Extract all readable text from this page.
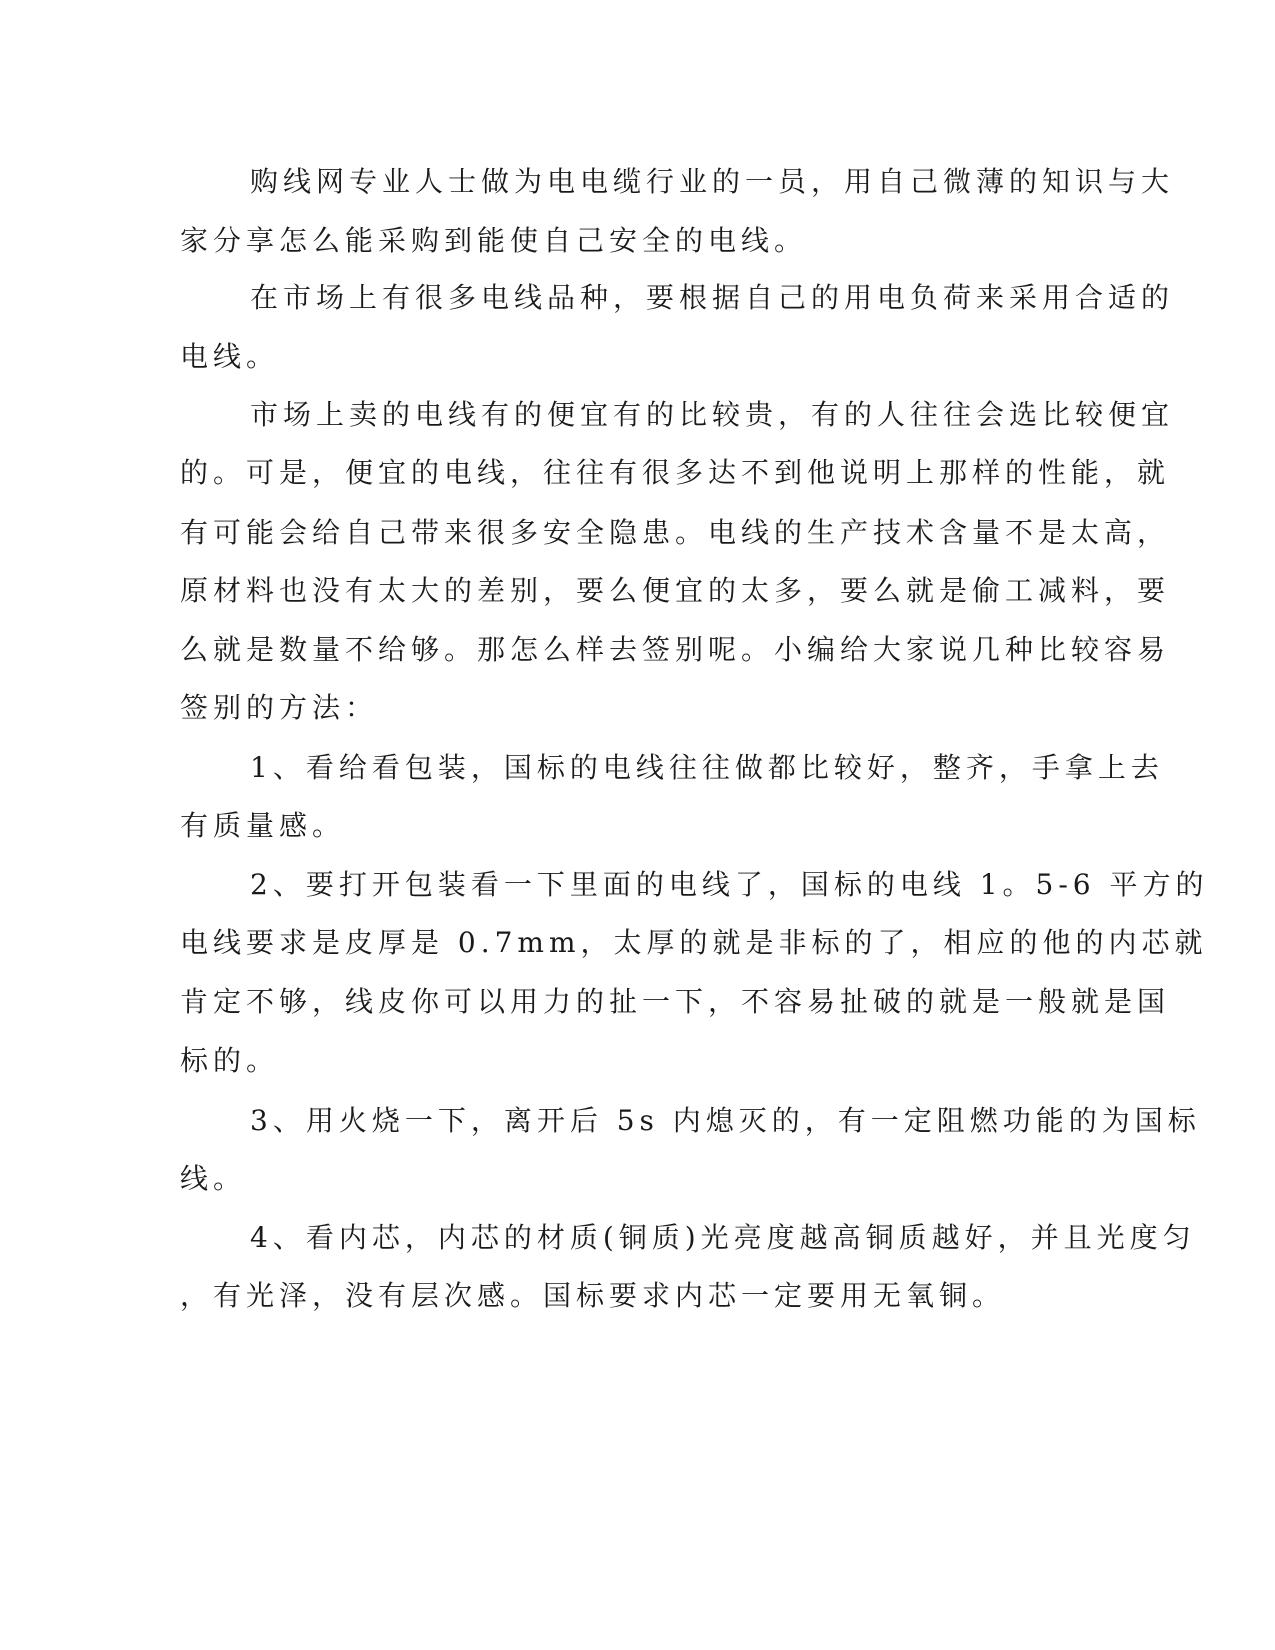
购线网专业人士做为电电缆行业的一员，用自己微薄的知识与大
家分享怎么能采购到能使自己安全的电线。
在市场上有很多电线品种，要根据自己的用电负荷来采用合适的
电线。
市场上卖的电线有的便宜有的比较贵，有的人往往会选比较便宜
的。可是，便宜的电线，往往有很多达不到他说明上那样的性能，就
有可能会给自己带来很多安全隐患。电线的生产技术含量不是太高，
原材料也没有太大的差别，要么便宜的太多，要么就是偷工减料，要
么就是数量不给够。那怎么样去签别呢。小编给大家说几种比较容易
签别的方法：
1、看给看包装，国标的电线往往做都比较好，整齐，手拿上去
有质量感。
2、要打开包装看一下里面的电线了，国标的电线 1。5-6 平方的
电线要求是皮厚是 0.7mm，太厚的就是非标的了，相应的他的内芯就
肯定不够，线皮你可以用力的扯一下，不容易扯破的就是一般就是国
标的。
3、用火烧一下，离开后 5s 内熄灭的，有一定阻燃功能的为国标
线。
4、看内芯，内芯的材质(铜质)光亮度越高铜质越好，并且光度匀
，有光泽，没有层次感。国标要求内芯一定要用无氧铜。
